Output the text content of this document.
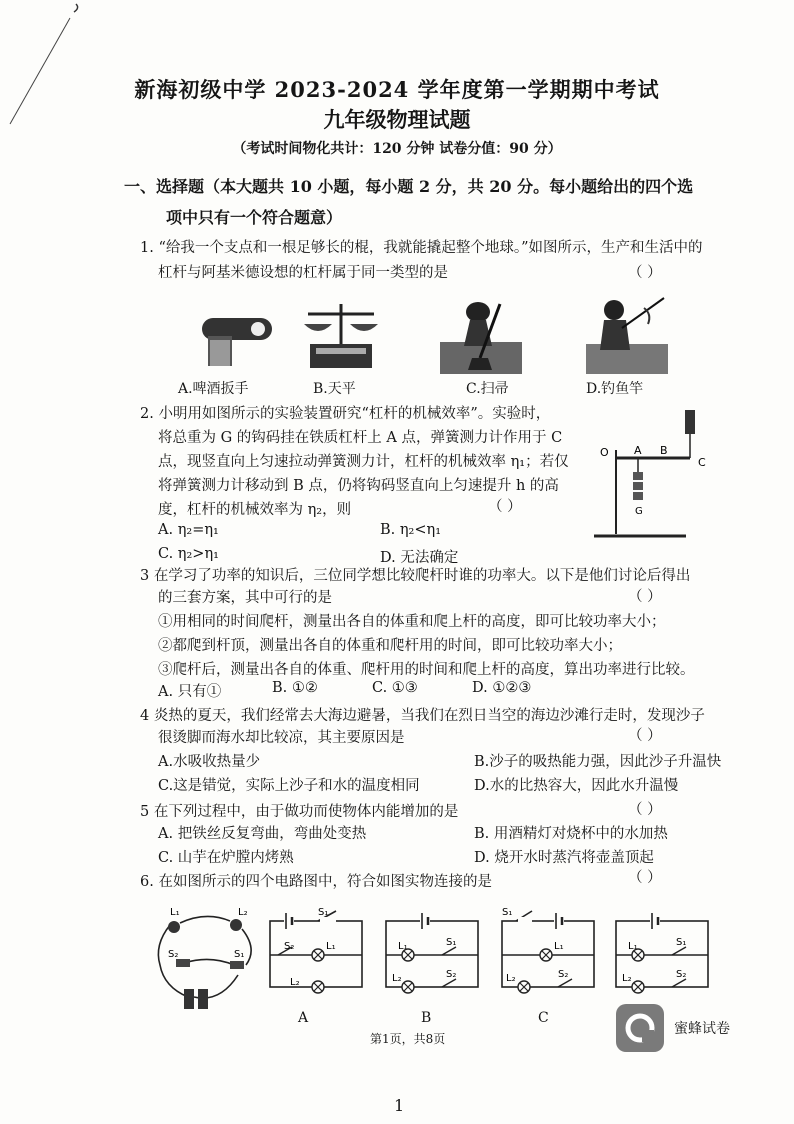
新海初级中学 2023-2024 学年度第一学期期中考试
九年级物理试题
（考试时间物化共计：120 分钟 试卷分值：90 分）
一、选择题（本大题共 10 小题，每小题 2 分，共 20 分。每小题给出的四个选
项中只有一个符合题意）
1. “给我一个支点和一根足够长的棍，我就能撬起整个地球。”如图所示，生产和生活中的
杠杆与阿基米德设想的杠杆属于同一类型的是	（ ）
A.啤酒扳手	B.天平	C.扫帚	D.钓鱼竿
2. 小明用如图所示的实验装置研究“杠杆的机械效率”。实验时，
将总重为 G 的钩码挂在铁质杠杆上 A 点，弹簧测力计作用于 C
点，现竖直向上匀速拉动弹簧测力计，杠杆的机械效率 η₁；若仅
将弹簧测力计移动到 B 点，仍将钩码竖直向上匀速提升 h 的高
度，杠杆的机械效率为 η₂，则	（ ）
A. η₂=η₁	B. η₂<η₁
C. η₂>η₁	D. 无法确定
O A B
C
G
3 在学习了功率的知识后，三位同学想比较爬杆时谁的功率大。以下是他们讨论后得出
的三套方案，其中可行的是	（ ）
①用相同的时间爬杆，测量出各自的体重和爬上杆的高度，即可比较功率大小；
②都爬到杆顶，测量出各自的体重和爬杆用的时间，即可比较功率大小；
③爬杆后，测量出各自的体重、爬杆用的时间和爬上杆的高度，算出功率进行比较。
A. 只有①	B. ①②	C. ①③	D. ①②③
4 炎热的夏天，我们经常去大海边避暑，当我们在烈日当空的海边沙滩行走时，发现沙子
很烫脚而海水却比较凉，其主要原因是	（ ）
A.水吸收热量少	B.沙子的吸热能力强，因此沙子升温快
C.这是错觉，实际上沙子和水的温度相同	D.水的比热容大，因此水升温慢
5 在下列过程中，由于做功而使物体内能增加的是	（ ）
A. 把铁丝反复弯曲，弯曲处变热	B. 用酒精灯对烧杯中的水加热
C. 山芋在炉膛内烤熟	D. 烧开水时蒸汽将壶盖顶起
6. 在如图所示的四个电路图中，符合如图实物连接的是	（ ）
L₁	L₂
S₂	S₁
S₁
S₂	L₁
L₂
L₁	S₁
L₂	S₂
S₁
L₁
L₂	S₂
L₁	S₁
L₂	S₂
A	B	C
第1页，共8页
蜜蜂试卷
1
